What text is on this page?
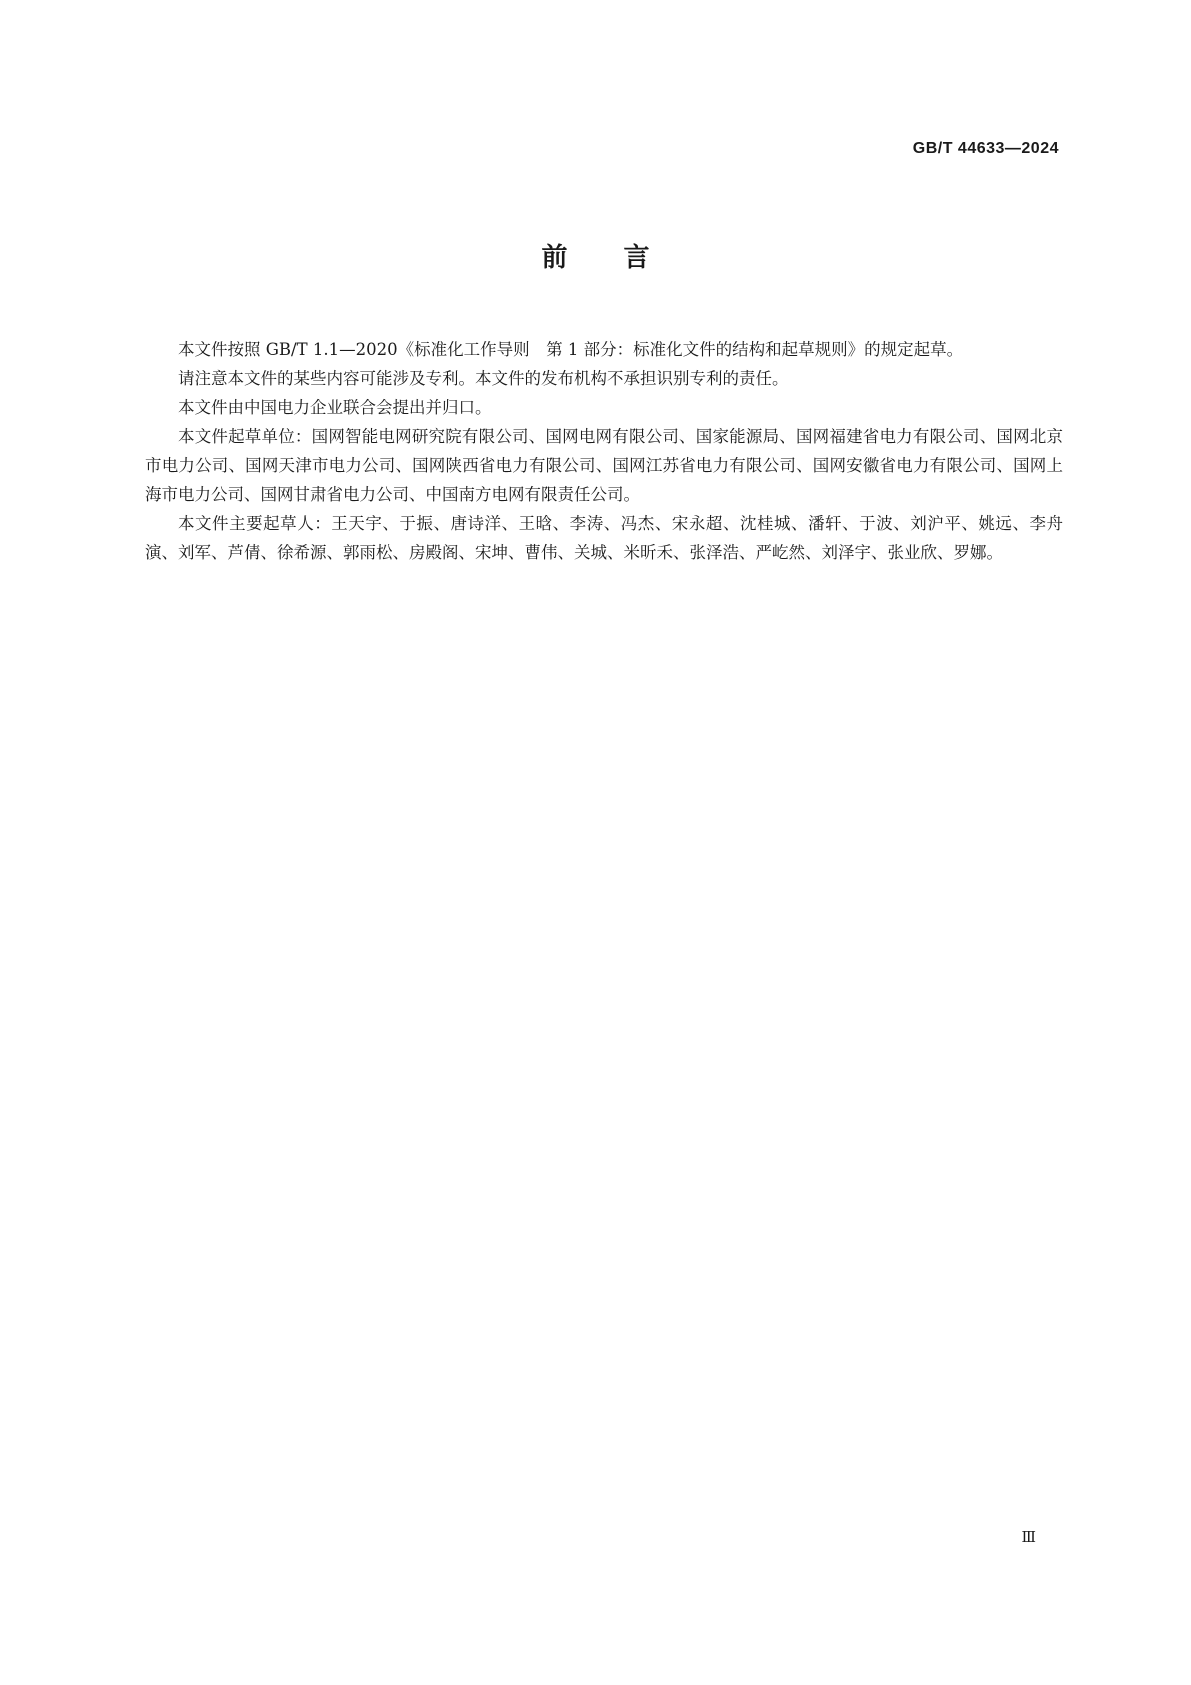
GB/T 44633—2024
前 言

本文件按照 GB/T 1.1—2020《标准化工作导则　第 1 部分：标准化文件的结构和起草规则》的规定起草。

请注意本文件的某些内容可能涉及专利。本文件的发布机构不承担识别专利的责任。

本文件由中国电力企业联合会提出并归口。

本文件起草单位：国网智能电网研究院有限公司、国网电网有限公司、国家能源局、国网福建省电力有限公司、国网北京市电力公司、国网天津市电力公司、国网陕西省电力有限公司、国网江苏省电力有限公司、国网安徽省电力有限公司、国网上海市电力公司、国网甘肃省电力公司、中国南方电网有限责任公司。

本文件主要起草人：王天宇、于振、唐诗洋、王晗、李涛、冯杰、宋永超、沈桂城、潘轩、于波、刘沪平、姚远、李舟演、刘军、芦倩、徐希源、郭雨松、房殿阁、宋坤、曹伟、关城、米昕禾、张泽浩、严屹然、刘泽宇、张业欣、罗娜。

Ⅲ
